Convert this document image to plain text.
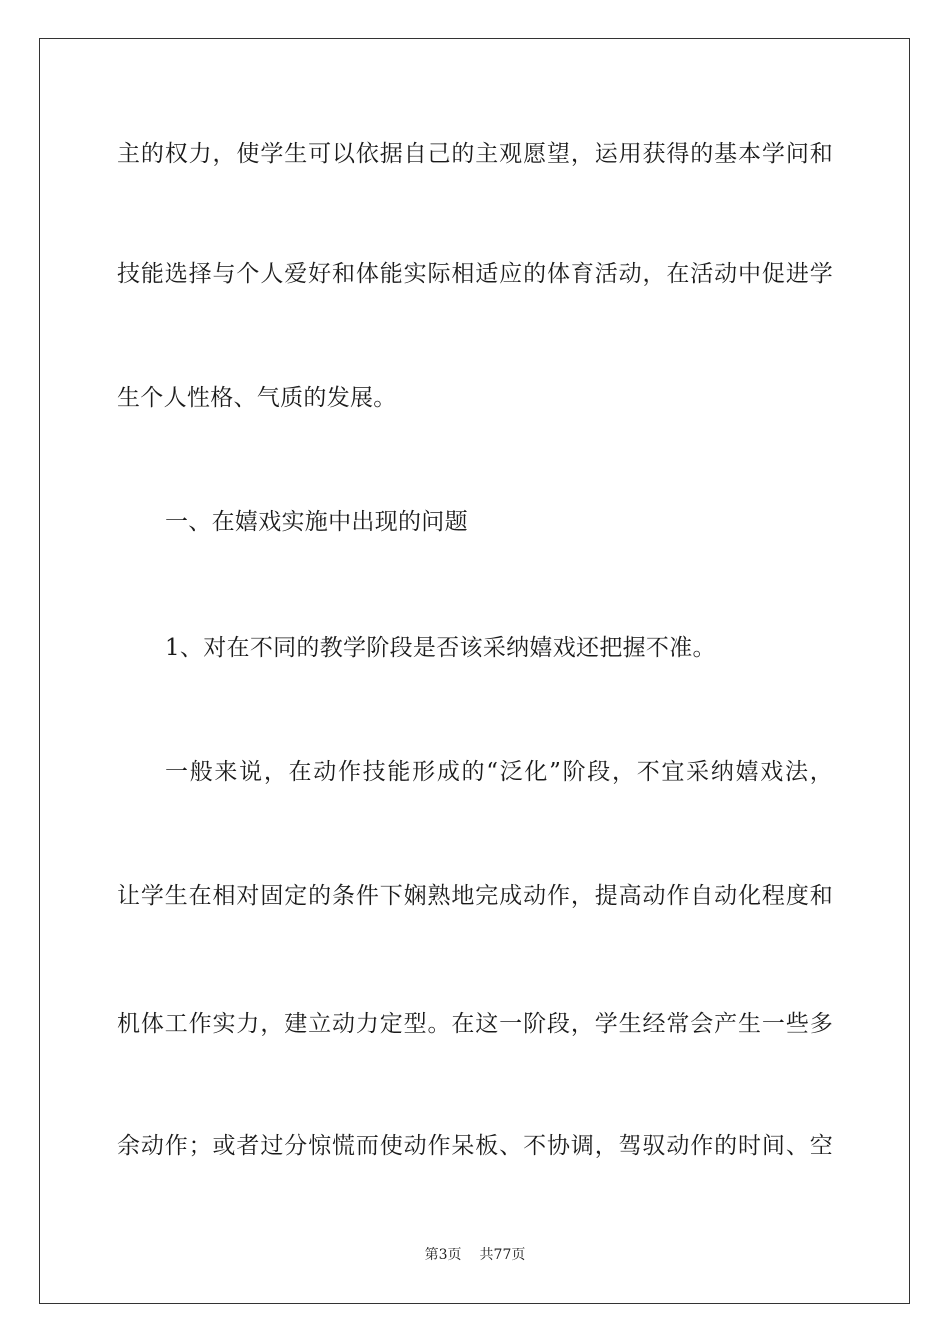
主的权力，使学生可以依据自己的主观愿望，运用获得的基本学问和
技能选择与个人爱好和体能实际相适应的体育活动，在活动中促进学
生个人性格、气质的发展。
一、在嬉戏实施中出现的问题
1、对在不同的教学阶段是否该采纳嬉戏还把握不准。
一般来说，在动作技能形成的“泛化”阶段，不宜采纳嬉戏法，
让学生在相对固定的条件下娴熟地完成动作，提高动作自动化程度和
机体工作实力，建立动力定型。在这一阶段，学生经常会产生一些多
余动作；或者过分惊慌而使动作呆板、不协调，驾驭动作的时间、空
第3页 共77页
